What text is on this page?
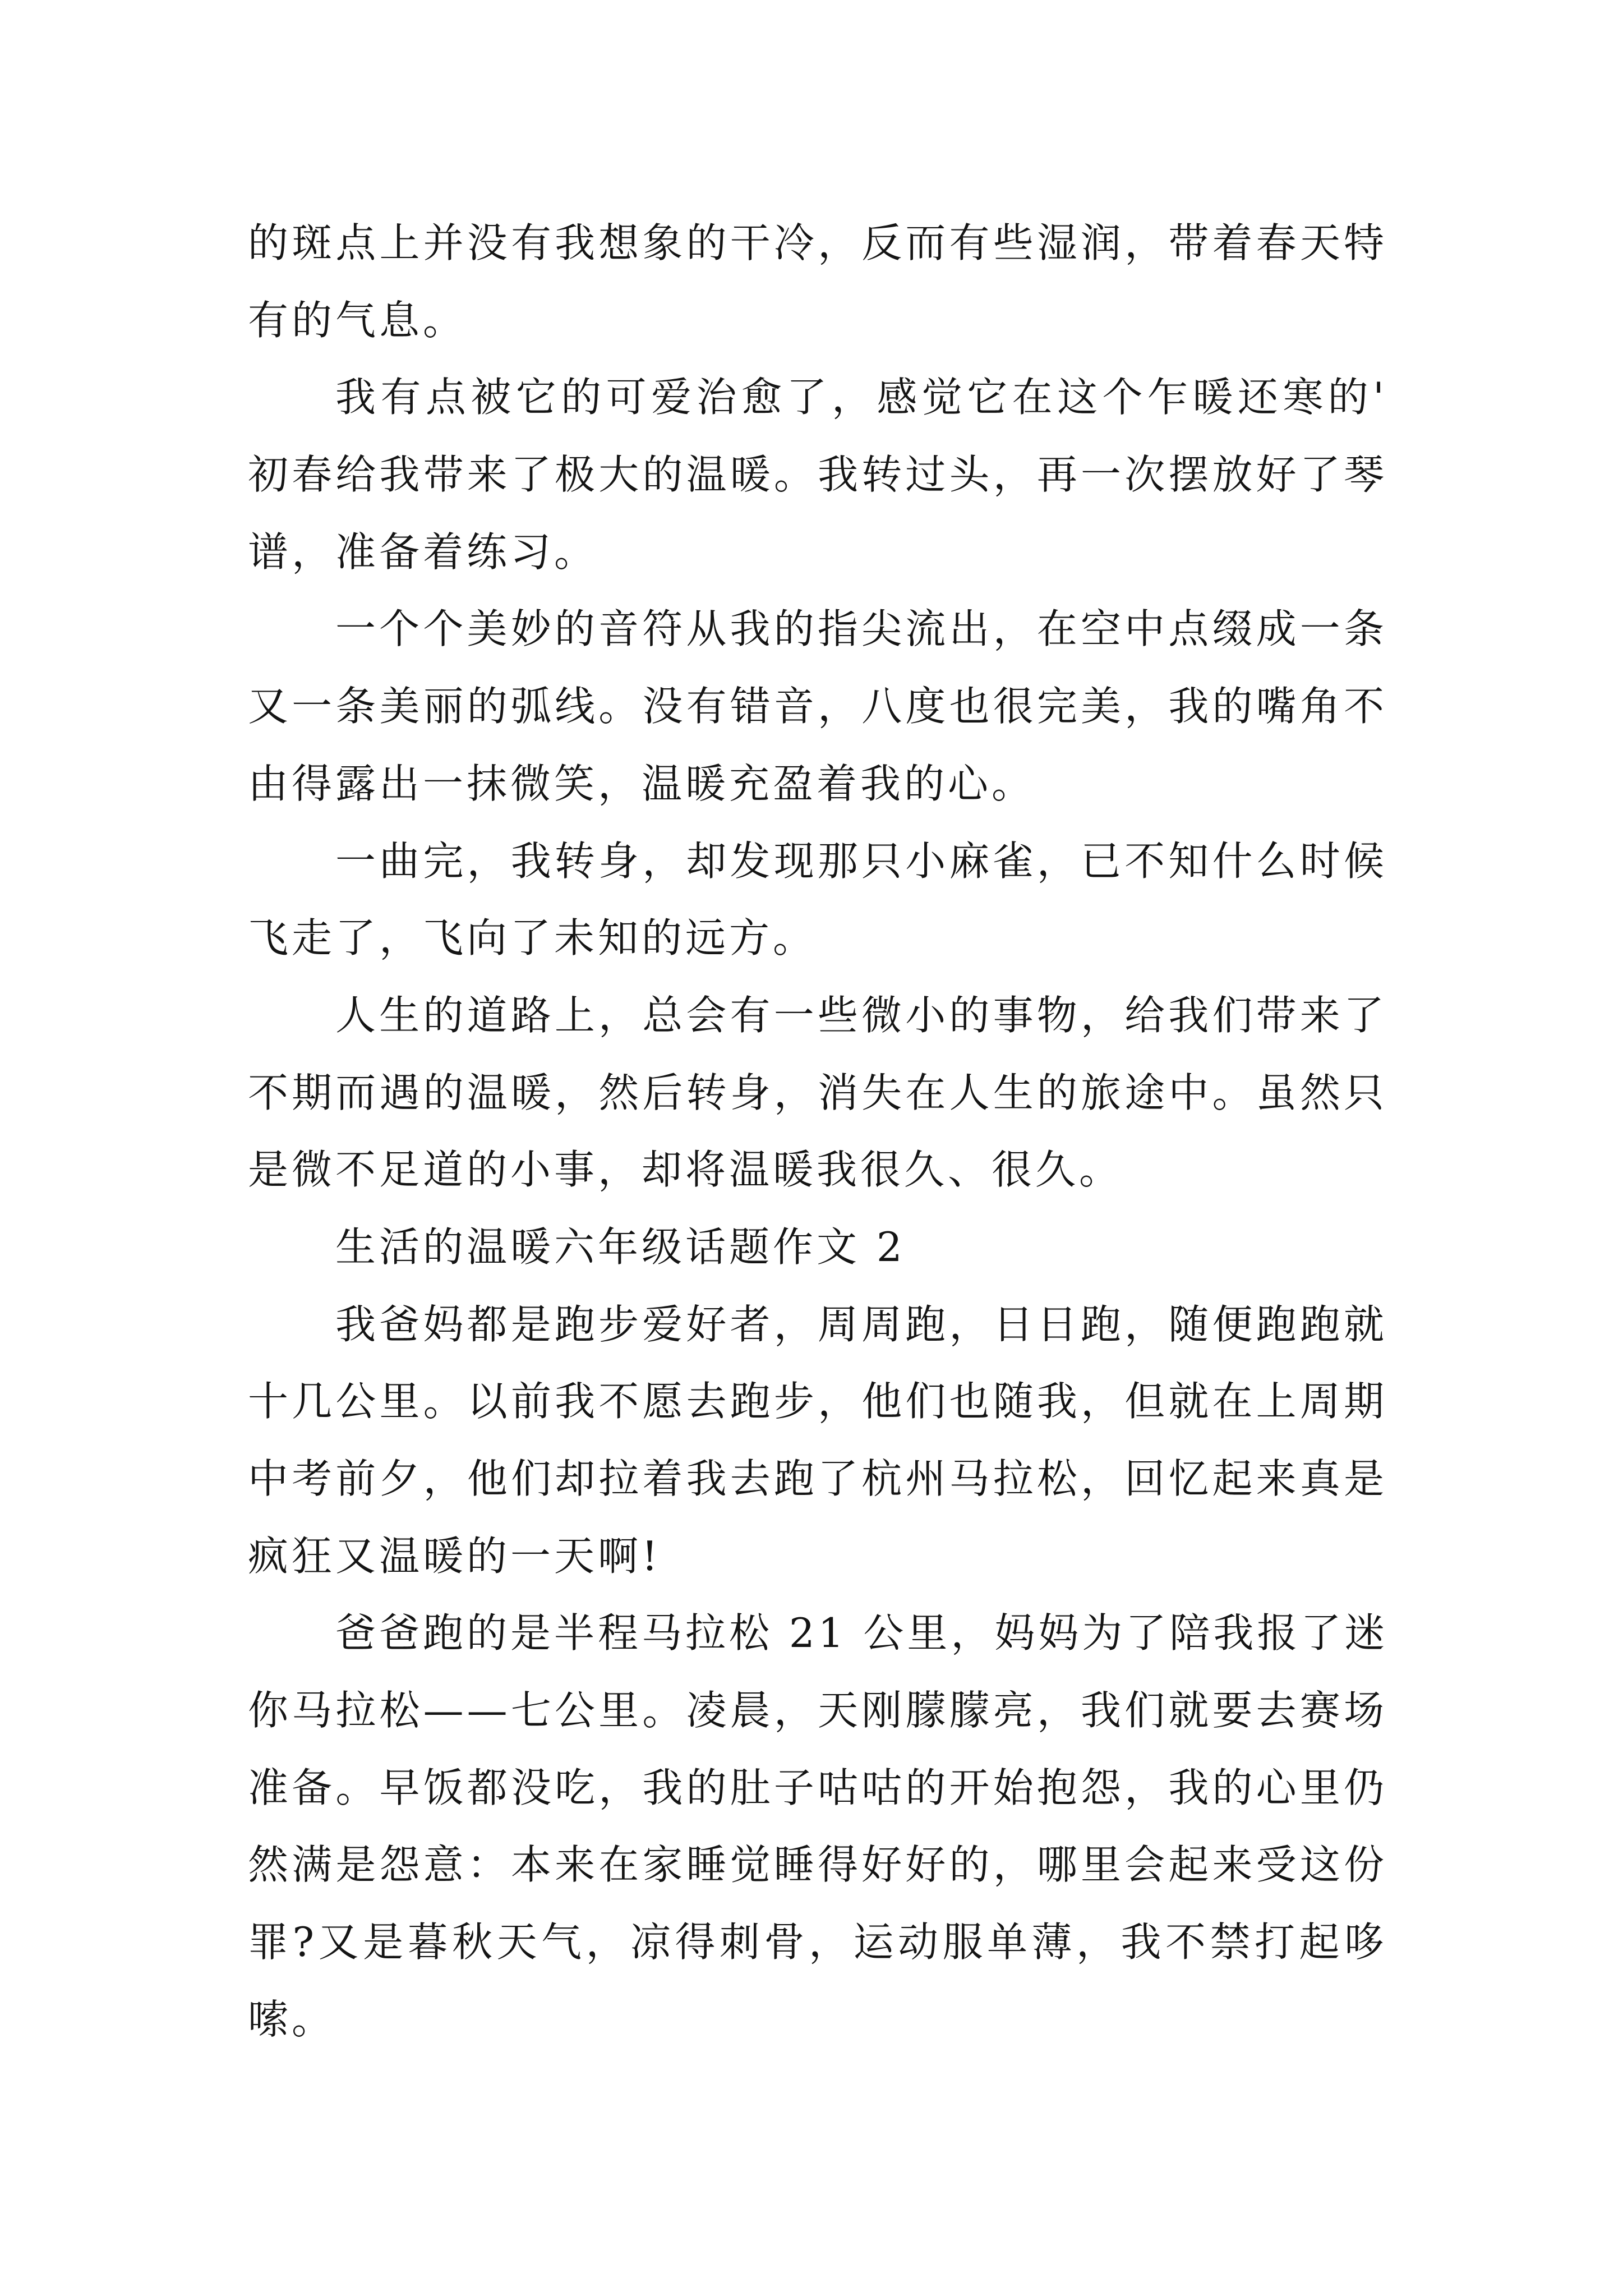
的斑点上并没有我想象的干冷，反而有些湿润，带着春天特
有的气息。
我有点被它的可爱治愈了，感觉它在这个乍暖还寒的'
初春给我带来了极大的温暖。我转过头，再一次摆放好了琴
谱，准备着练习。
一个个美妙的音符从我的指尖流出，在空中点缀成一条
又一条美丽的弧线。没有错音，八度也很完美，我的嘴角不
由得露出一抹微笑，温暖充盈着我的心。
一曲完，我转身，却发现那只小麻雀，已不知什么时候
飞走了，飞向了未知的远方。
人生的道路上，总会有一些微小的事物，给我们带来了
不期而遇的温暖，然后转身，消失在人生的旅途中。虽然只
是微不足道的小事，却将温暖我很久、很久。
生活的温暖六年级话题作文 2
我爸妈都是跑步爱好者，周周跑，日日跑，随便跑跑就
十几公里。以前我不愿去跑步，他们也随我，但就在上周期
中考前夕，他们却拉着我去跑了杭州马拉松，回忆起来真是
疯狂又温暖的一天啊!
爸爸跑的是半程马拉松 21 公里，妈妈为了陪我报了迷
你马拉松——七公里。凌晨，天刚朦朦亮，我们就要去赛场
准备。早饭都没吃，我的肚子咕咕的开始抱怨，我的心里仍
然满是怨意：本来在家睡觉睡得好好的，哪里会起来受这份
罪?又是暮秋天气，凉得刺骨，运动服单薄，我不禁打起哆
嗦。
